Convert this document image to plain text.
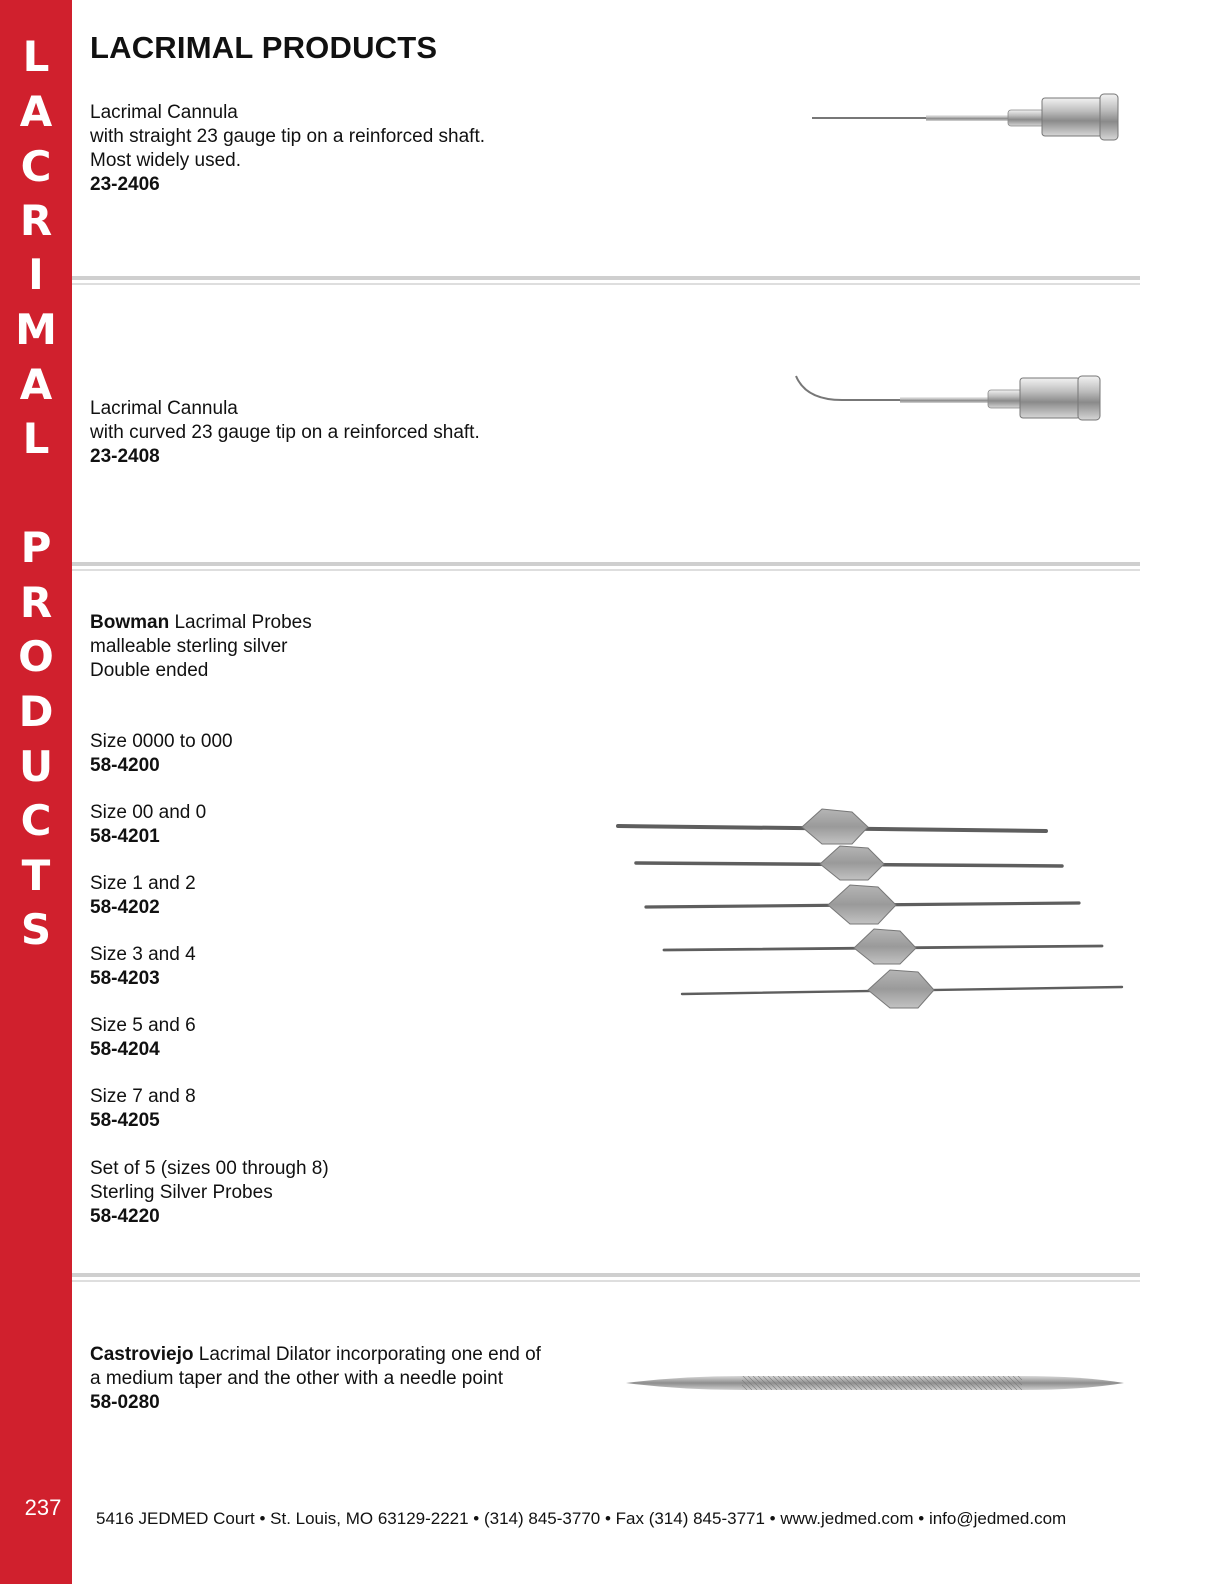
L
A
C
R
I
M
A
L
P
R
O
D
U
C
T
S
237
LACRIMAL PRODUCTS
Lacrimal Cannula
with straight 23 gauge tip on a reinforced shaft.
Most widely used.
23-2406
Lacrimal Cannula
with curved 23 gauge tip on a reinforced shaft.
23-2408
Bowman Lacrimal Probes
malleable sterling silver
Double ended
Size 0000 to 000
58-4200
Size 00 and 0
58-4201
Size 1 and 2
58-4202
Size 3 and 4
58-4203
Size 5 and 6
58-4204
Size 7 and 8
58-4205
Set of 5 (sizes 00 through 8)
Sterling Silver Probes
58-4220
Castroviejo Lacrimal Dilator incorporating one end of
a medium taper and the other with a needle point
58-0280
5416 JEDMED Court • St. Louis, MO 63129-2221 • (314) 845-3770 • Fax (314) 845-3771 • www.jedmed.com • info@jedmed.com
